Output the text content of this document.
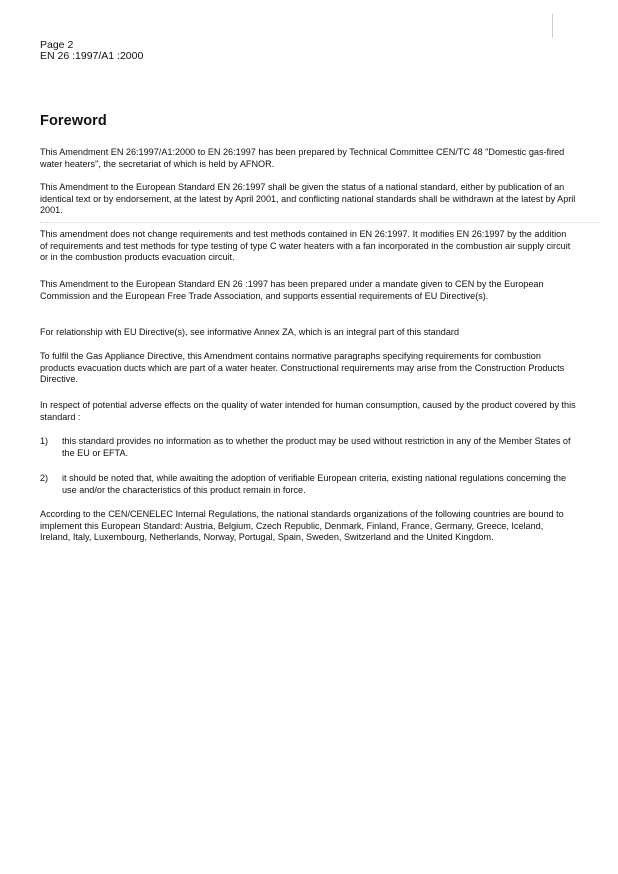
Page 2
EN 26 :1997/A1 :2000
Foreword

This Amendment EN 26:1997/A1:2000 to EN 26:1997 has been prepared by Technical Committee CEN/TC 48 "Domestic gas-fired water heaters", the secretariat of which is held by AFNOR.

This Amendment to the European Standard EN 26:1997 shall be given the status of a national standard, either by publication of an identical text or by endorsement, at the latest by April 2001, and conflicting national standards shall be withdrawn at the latest by April 2001.

This amendment does not change requirements and test methods contained in EN 26:1997. It modifies EN 26:1997 by the addition of requirements and test methods for type testing of type C water heaters with a fan incorporated in the combustion air supply circuit or in the combustion products evacuation circuit.

This Amendment to the European Standard EN 26 :1997 has been prepared under a mandate given to CEN by the European Commission and the European Free Trade Association, and supports essential requirements of EU Directive(s).

For relationship with EU Directive(s), see informative Annex ZA, which is an integral part of this standard

To fulfil the Gas Appliance Directive, this Amendment contains normative paragraphs specifying requirements for combustion products evacuation ducts which are part of a water heater. Constructional requirements may arise from the Construction Products Directive.

In respect of potential adverse effects on the quality of water intended for human consumption, caused by the product covered by this standard :

1) this standard provides no information as to whether the product may be used without restriction in any of the Member States of the EU or EFTA.
2) it should be noted that, while awaiting the adoption of verifiable European criteria, existing national regulations concerning the use and/or the characteristics of this product remain in force.

According to the CEN/CENELEC Internal Regulations, the national standards organizations of the following countries are bound to implement this European Standard: Austria, Belgium, Czech Republic, Denmark, Finland, France, Germany, Greece, Iceland, Ireland, Italy, Luxembourg, Netherlands, Norway, Portugal, Spain, Sweden, Switzerland and the United Kingdom.
